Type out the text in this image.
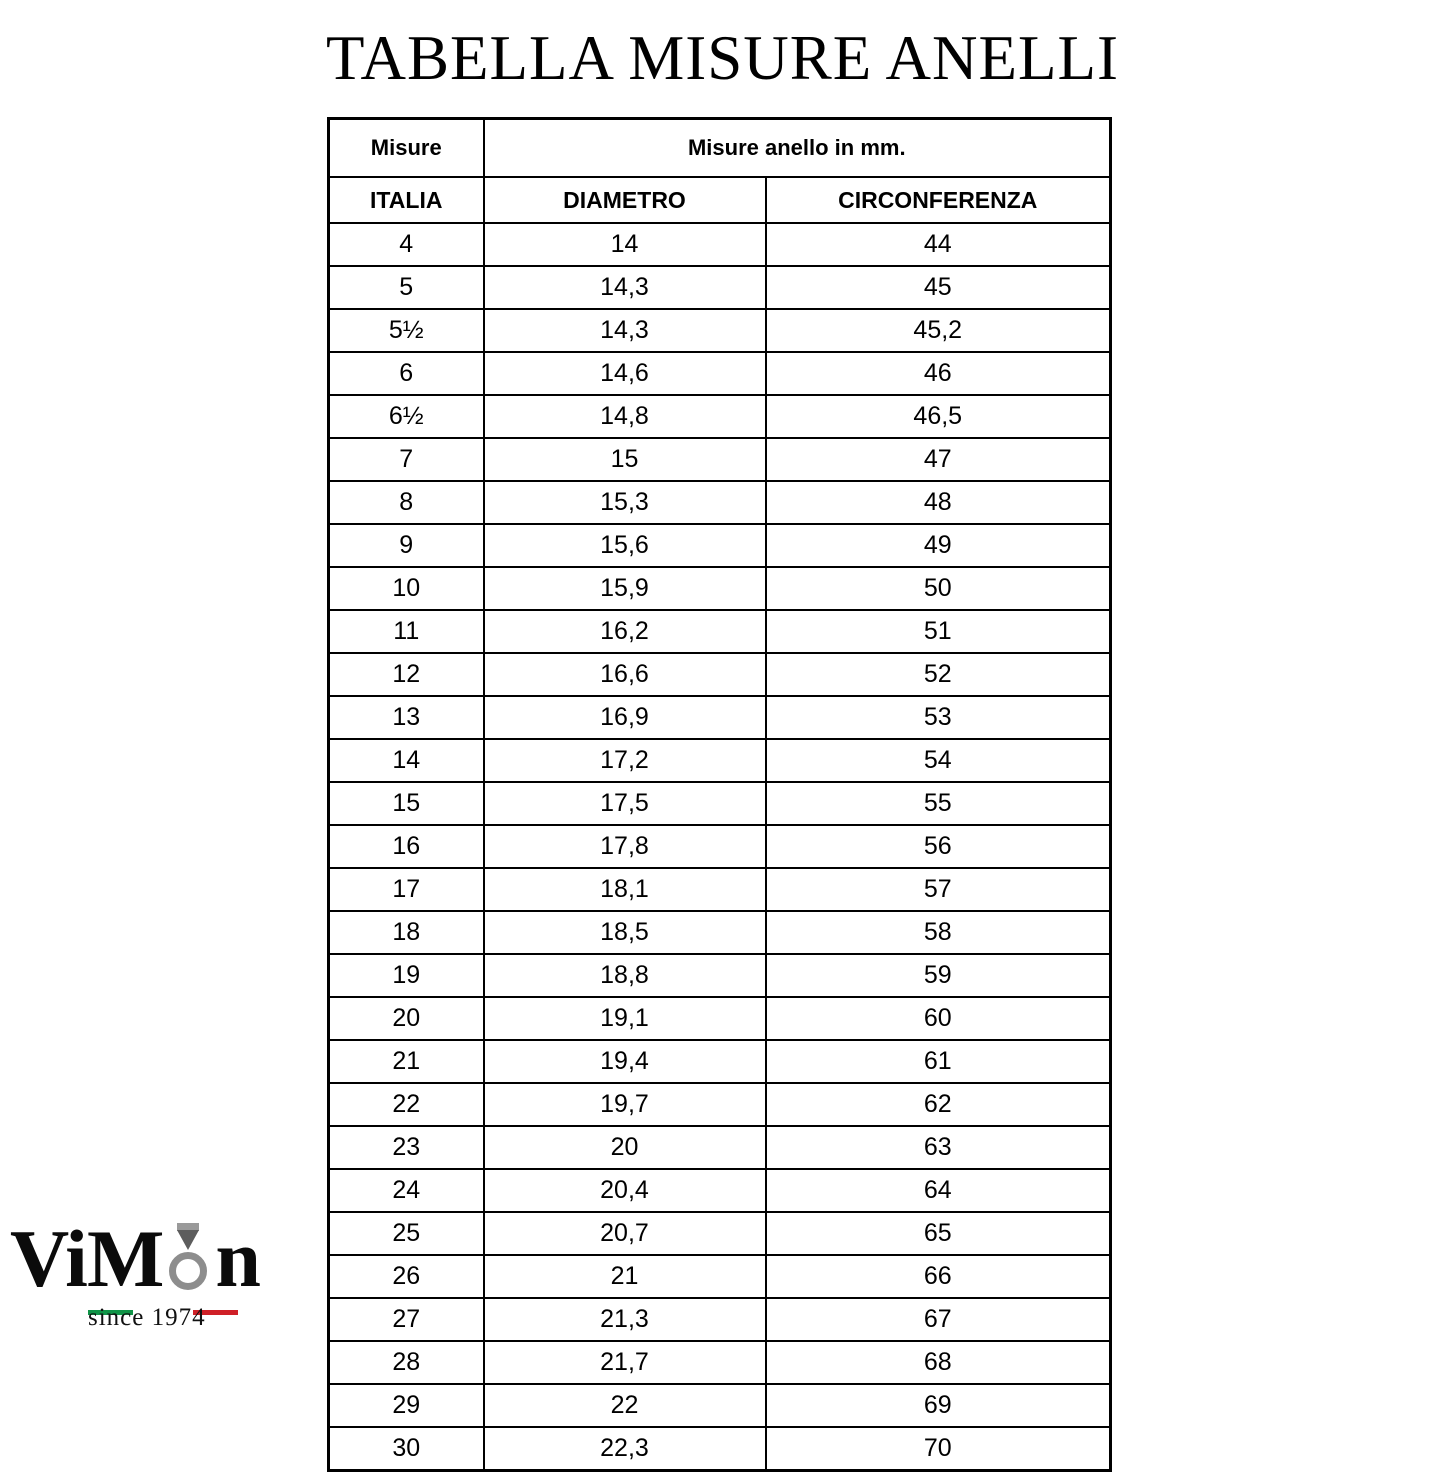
TABELLA MISURE ANELLI
Misure	Misure anello in mm.	
ITALIA	DIAMETRO	CIRCONFERENZA
4	14	44
5	14,3	45
5½	14,3	45,2
6	14,6	46
6½	14,8	46,5
7	15	47
8	15,3	48
9	15,6	49
10	15,9	50
11	16,2	51
12	16,6	52
13	16,9	53
14	17,2	54
15	17,5	55
16	17,8	56
17	18,1	57
18	18,5	58
19	18,8	59
20	19,1	60
21	19,4	61
22	19,7	62
23	20	63
24	20,4	64
25	20,7	65
26	21	66
27	21,3	67
28	21,7	68
29	22	69
30	22,3	70
ViM n
since 1974
